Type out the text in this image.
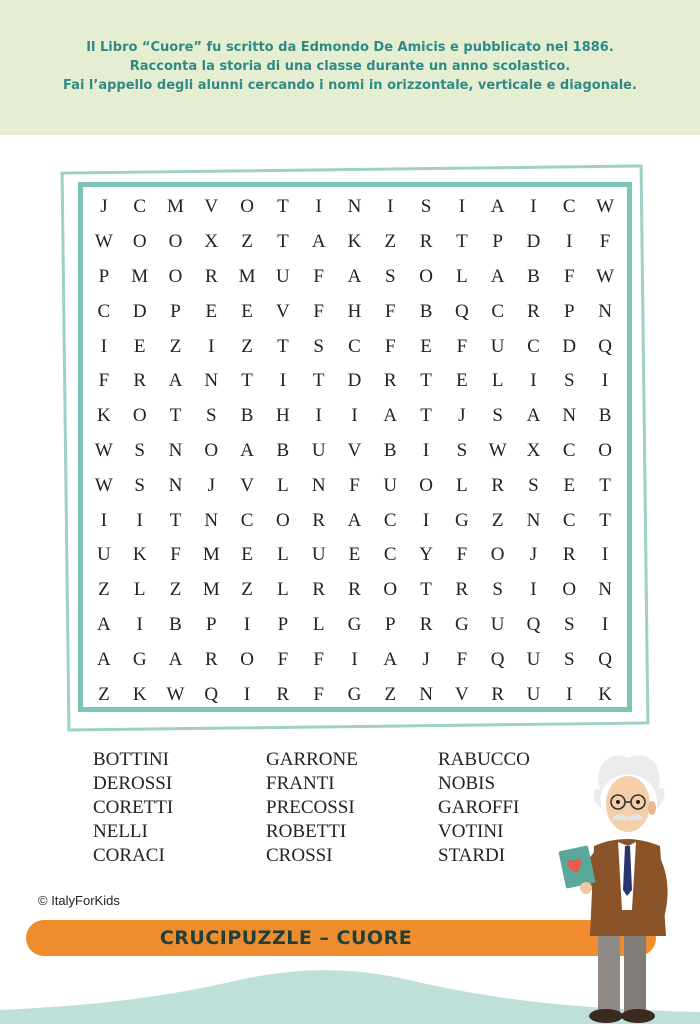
Il Libro “Cuore” fu scritto da Edmondo De Amicis e pubblicato nel 1886.
Racconta la storia di una classe durante un anno scolastico.
Fai l’appello degli alunni cercando i nomi in orizzontale, verticale e diagonale.
J	C	M	V	O	T	I	N	I	S	I	A	I	C	W
W	O	O	X	Z	T	A	K	Z	R	T	P	D	I	F
P	M	O	R	M	U	F	A	S	O	L	A	B	F	W
C	D	P	E	E	V	F	H	F	B	Q	C	R	P	N
I	E	Z	I	Z	T	S	C	F	E	F	U	C	D	Q
F	R	A	N	T	I	T	D	R	T	E	L	I	S	I
K	O	T	S	B	H	I	I	A	T	J	S	A	N	B
W	S	N	O	A	B	U	V	B	I	S	W	X	C	O
W	S	N	J	V	L	N	F	U	O	L	R	S	E	T
I	I	T	N	C	O	R	A	C	I	G	Z	N	C	T
U	K	F	M	E	L	U	E	C	Y	F	O	J	R	I
Z	L	Z	M	Z	L	R	R	O	T	R	S	I	O	N
A	I	B	P	I	P	L	G	P	R	G	U	Q	S	I
A	G	A	R	O	F	F	I	A	J	F	Q	U	S	Q
Z	K	W	Q	I	R	F	G	Z	N	V	R	U	I	K
BOTTINI
DEROSSI
CORETTI
NELLI
CORACI
GARRONE
FRANTI
PRECOSSI
ROBETTI
CROSSI
RABUCCO
NOBIS
GAROFFI
VOTINI
STARDI
© ItalyForKids
CRUCIPUZZLE – CUORE
